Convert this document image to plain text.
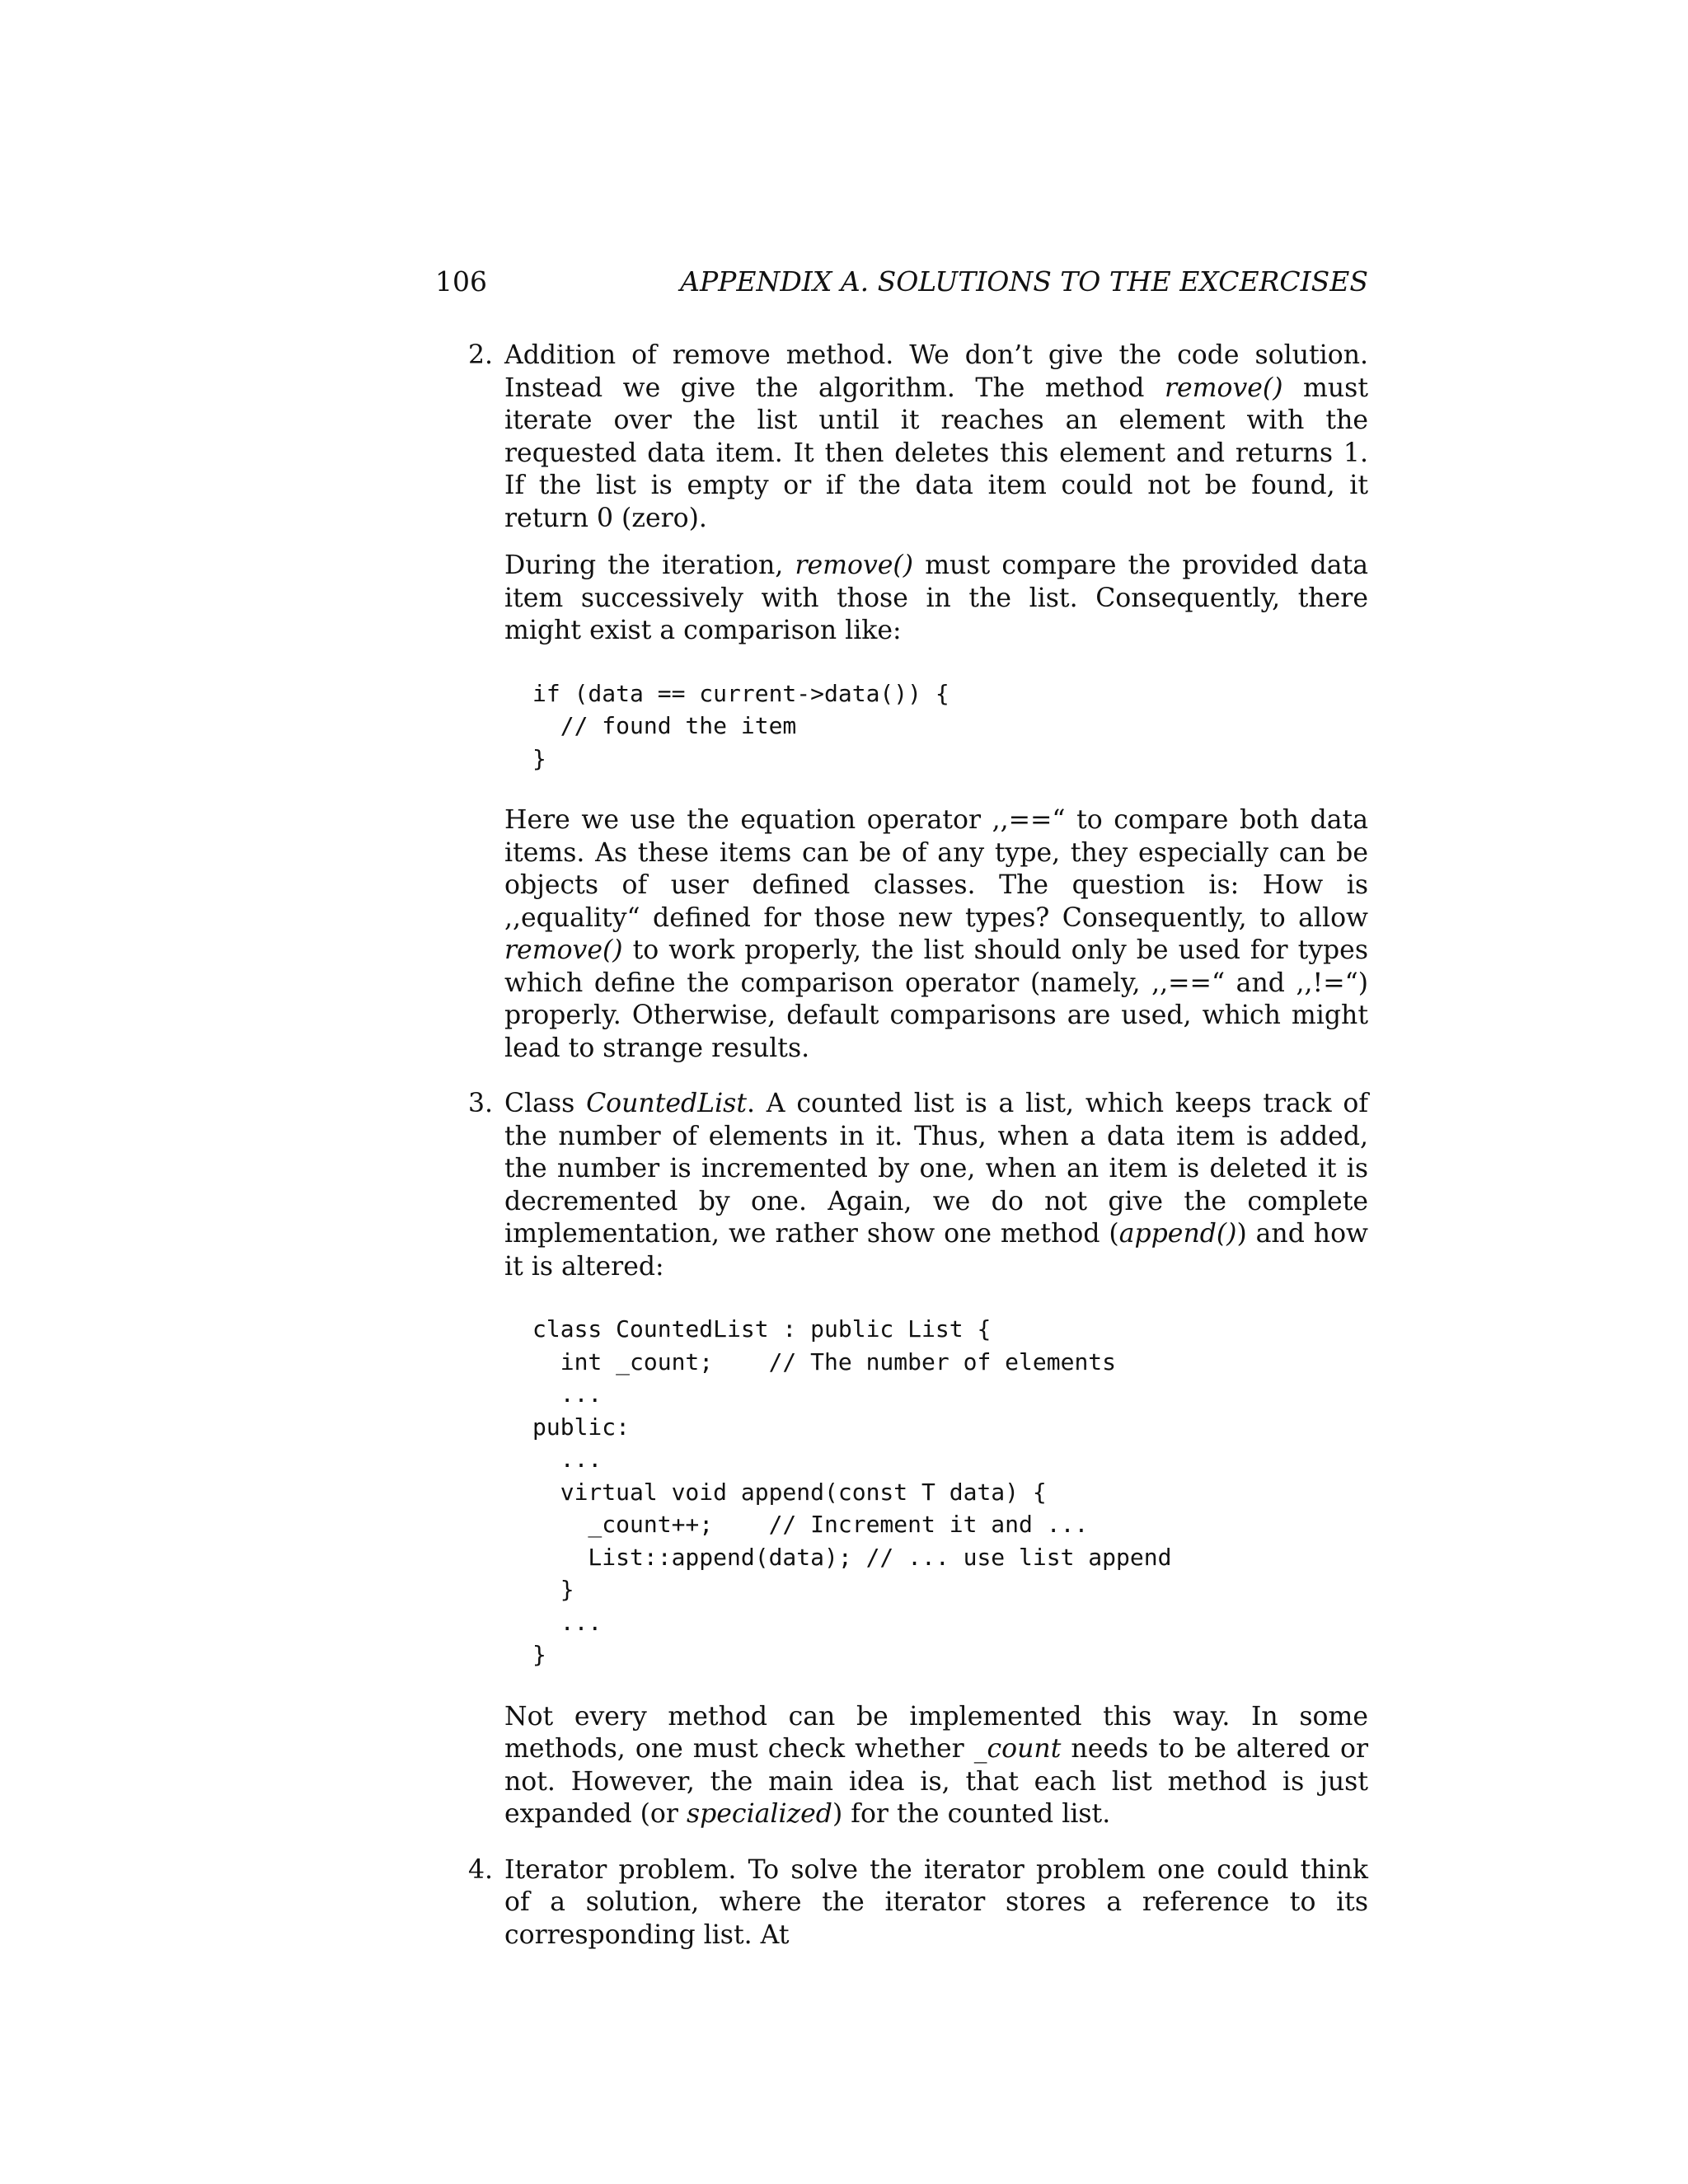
106	APPENDIX A. SOLUTIONS TO THE EXCERCISES
2. Addition of remove method. We don’t give the code solution. Instead we give the algorithm. The method remove() must iterate over the list until it reaches an element with the requested data item. It then deletes this element and returns 1. If the list is empty or if the data item could not be found, it return 0 (zero).

During the iteration, remove() must compare the provided data item successively with those in the list. Consequently, there might exist a comparison like:

if (data == current->data()) {
// found the item
}

Here we use the equation operator ,,==“ to compare both data items. As these items can be of any type, they especially can be objects of user defined classes. The question is: How is ,,equality“ defined for those new types? Consequently, to allow remove() to work properly, the list should only be used for types which define the comparison operator (namely, ,,==“ and ,,!=“) properly. Otherwise, default comparisons are used, which might lead to strange results.

3. Class CountedList. A counted list is a list, which keeps track of the number of elements in it. Thus, when a data item is added, the number is incremented by one, when an item is deleted it is decremented by one. Again, we do not give the complete implementation, we rather show one method (append()) and how it is altered:

class CountedList : public List {
int _count;    // The number of elements
...
public:
...
virtual void append(const T data) {
_count++;    // Increment it and ...
List::append(data); // ... use list append
}
...
}

Not every method can be implemented this way. In some methods, one must check whether _count needs to be altered or not. However, the main idea is, that each list method is just expanded (or specialized) for the counted list.

4. Iterator problem. To solve the iterator problem one could think of a solution, where the iterator stores a reference to its corresponding list. At
